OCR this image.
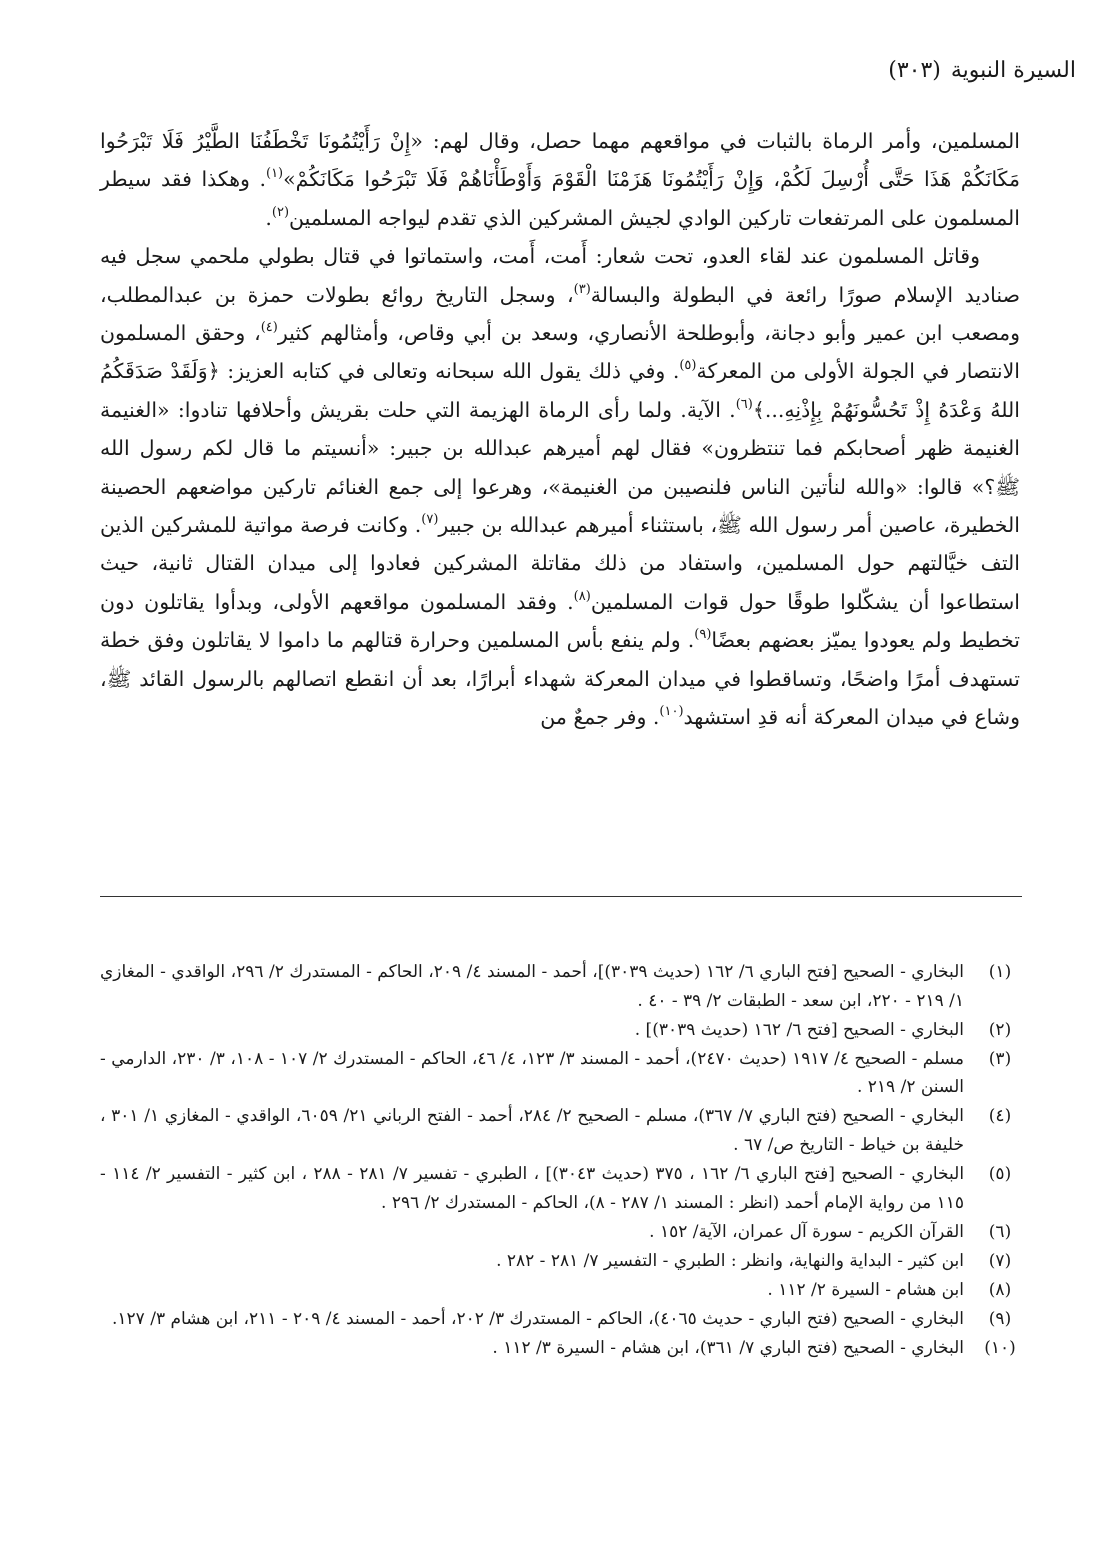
السيرة النبوية(٣٠٣)

المسلمين، وأمر الرماة بالثبات في مواقعهم مهما حصل، وقال لهم: «إِنْ رَأَيْتُمُونَا تَخْطَفُنَا الطَّيْرُ فَلَا تَبْرَحُوا مَكَانَكُمْ هَذَا حَتَّى أُرْسِلَ لَكُمْ، وَإِنْ رَأَيْتُمُونَا هَزَمْنَا الْقَوْمَ وَأَوْطَأْنَاهُمْ فَلَا تَبْرَحُوا مَكَانَكُمْ»$^{(١)}$. وهكذا فقد سيطر المسلمون على المرتفعات تاركين الوادي لجيش المشركين الذي تقدم ليواجه المسلمين$^{(٢)}$.

وقاتل المسلمون عند لقاء العدو، تحت شعار: أَمت، أَمت، واستماتوا في قتال بطولي ملحمي سجل فيه صناديد الإسلام صورًا رائعة في البطولة والبسالة$^{(٣)}$، وسجل التاريخ روائع بطولات حمزة بن عبدالمطلب، ومصعب ابن عمير وأبو دجانة، وأبوطلحة الأنصاري، وسعد بن أبي وقاص، وأمثالهم كثير$^{(٤)}$، وحقق المسلمون الانتصار في الجولة الأولى من المعركة$^{(٥)}$. وفي ذلك يقول الله سبحانه وتعالى في كتابه العزيز: ﴿وَلَقَدْ صَدَقَكُمُ اللهُ وَعْدَهُ إِذْ تَحُسُّونَهُمْ بِإِذْنِهِ...﴾$^{(٦)}$. الآية. ولما رأى الرماة الهزيمة التي حلت بقريش وأحلافها تنادوا: «الغنيمة الغنيمة ظهر أصحابكم فما تنتظرون» فقال لهم أميرهم عبدالله بن جبير: «أنسيتم ما قال لكم رسول الله ﷺ؟» قالوا: «والله لنأتين الناس فلنصيبن من الغنيمة»، وهرعوا إلى جمع الغنائم تاركين مواضعهم الحصينة الخطيرة، عاصين أمر رسول الله ﷺ، باستثناء أميرهم عبدالله بن جبير$^{(٧)}$. وكانت فرصة مواتية للمشركين الذين التف خيَّالتهم حول المسلمين، واستفاد من ذلك مقاتلة المشركين فعادوا إلى ميدان القتال ثانية، حيث استطاعوا أن يشكّلوا طوقًا حول قوات المسلمين$^{(٨)}$. وفقد المسلمون مواقعهم الأولى، وبدأوا يقاتلون دون تخطيط ولم يعودوا يميّز بعضهم بعضًا$^{(٩)}$. ولم ينفع بأس المسلمين وحرارة قتالهم ما داموا لا يقاتلون وفق خطة تستهدف أمرًا واضحًا، وتساقطوا في ميدان المعركة شهداء أبرارًا، بعد أن انقطع اتصالهم بالرسول القائد ﷺ، وشاع في ميدان المعركة أنه قدِ استشهد$^{(١٠)}$. وفر جمعٌ من

(١)
البخاري - الصحيح [فتح الباري ٦/ ١٦٢ (حديث ٣٠٣٩)]، أحمد - المسند ٤/ ٢٠٩، الحاكم - المستدرك ٢/ ٢٩٦، الواقدي - المغازي ١/ ٢١٩ - ٢٢٠، ابن سعد - الطبقات ٢/ ٣٩ - ٤٠ .
(٢)
البخاري - الصحيح [فتح ٦/ ١٦٢ (حديث ٣٠٣٩)] .
(٣)
مسلم - الصحيح ٤/ ١٩١٧ (حديث ٢٤٧٠)، أحمد - المسند ٣/ ١٢٣، ٤/ ٤٦، الحاكم - المستدرك ٢/ ١٠٧ - ١٠٨، ٣/ ٢٣٠، الدارمي - السنن ٢/ ٢١٩ .
(٤)
البخاري - الصحيح (فتح الباري ٧/ ٣٦٧)، مسلم - الصحيح ٢/ ٢٨٤، أحمد - الفتح الرباني ٢١/ ٦٠٥٩، الواقدي - المغازي ١/ ٣٠١ ، خليفة بن خياط - التاريخ ص/ ٦٧ .
(٥)
البخاري - الصحيح [فتح الباري ٦/ ١٦٢ ، ٣٧٥ (حديث ٣٠٤٣)] ، الطبري - تفسير ٧/ ٢٨١ - ٢٨٨ ، ابن كثير - التفسير ٢/ ١١٤ - ١١٥ من رواية الإمام أحمد (انظر : المسند ١/ ٢٨٧ - ٨)، الحاكم - المستدرك ٢/ ٢٩٦ .
(٦)
القرآن الكريم - سورة آل عمران، الآية/ ١٥٢ .
(٧)
ابن كثير - البداية والنهاية، وانظر : الطبري - التفسير ٧/ ٢٨١ - ٢٨٢ .
(٨)
ابن هشام - السيرة ٢/ ١١٢ .
(٩)
البخاري - الصحيح (فتح الباري - حديث ٤٠٦٥)، الحاكم - المستدرك ٣/ ٢٠٢، أحمد - المسند ٤/ ٢٠٩ - ٢١١، ابن هشام ٣/ ١٢٧.
(١٠)
البخاري - الصحيح (فتح الباري ٧/ ٣٦١)، ابن هشام - السيرة ٣/ ١١٢ .
